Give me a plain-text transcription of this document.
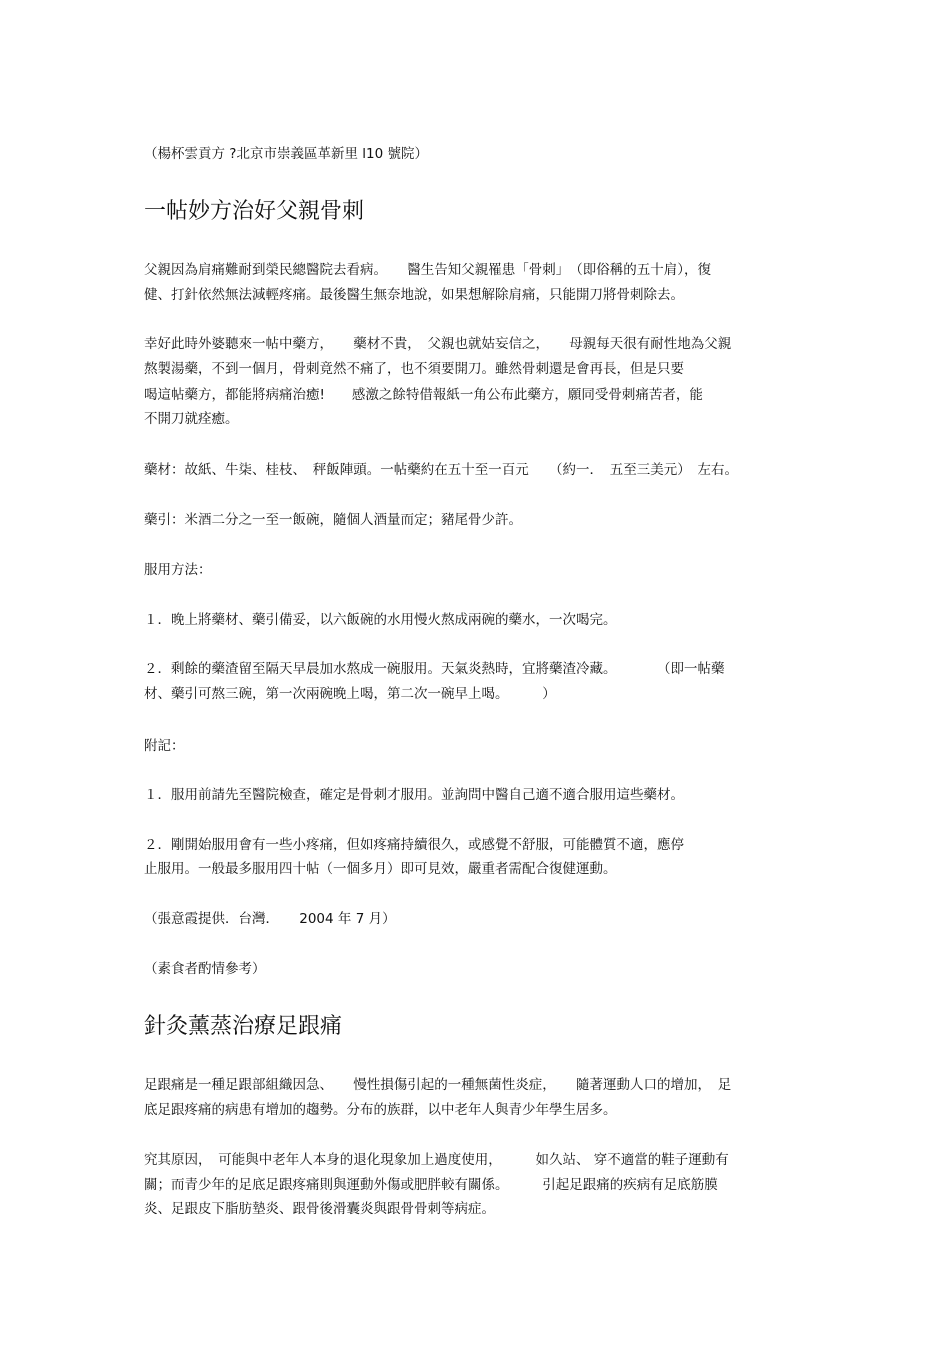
（楊杯雲貢方 ?北京市崇義區革新里 l10 號院）
一帖妙方治好父親骨刺
父親因為肩痛難耐到榮民總醫院去看病。　　醫生告知父親罹患「骨刺」　（即俗稱的五十肩），復
健、打針依然無法減輕疼痛。最後醫生無奈地說，如果想解除肩痛，只能開刀將骨刺除去。
幸好此時外婆聽來一帖中藥方，　　藥材不貴，　父親也就姑妄信之，　　母親每天很有耐性地為父親
熬製湯藥，不到一個月，骨刺竟然不痛了，也不須要開刀。雖然骨刺還是會再長，但是只要
喝這帖藥方，都能將病痛治癒!　　感激之餘特借報紙一角公布此藥方，願同受骨刺痛苦者，能
不開刀就痊癒。
藥材：故紙、牛柒、桂枝、　秤飯陣頭。一帖藥約在五十至一百元　　（約一．　五至三美元）　左右。
藥引：米酒二分之一至一飯碗，隨個人酒量而定；豬尾骨少許。
服用方法：
１．晚上將藥材、藥引備妥，以六飯碗的水用慢火熬成兩碗的藥水，一次喝完。
２．剩餘的藥渣留至隔天早晨加水熬成一碗服用。天氣炎熱時，宜將藥渣冷藏。　　　　（即一帖藥
材、藥引可熬三碗，第一次兩碗晚上喝，第二次一碗早上喝。　　　）
附記：
１．服用前請先至醫院檢查，確定是骨刺才服用。並詢問中醫自己適不適合服用這些藥材。
２．剛開始服用會有一些小疼痛，但如疼痛持續很久，或感覺不舒服，可能體質不適，應停
止服用。一般最多服用四十帖（一個多月）即可見效，嚴重者需配合復健運動。
（張意霞提供．台灣．　　2004 年 7 月）
（素食者酌情參考）
針灸薰蒸治療足跟痛
足跟痛是一種足跟部組織因急、　　慢性損傷引起的一種無菌性炎症，　　隨著運動人口的增加，　足
底足跟疼痛的病患有增加的趨勢。分布的族群，以中老年人與青少年學生居多。
究其原因，　可能與中老年人本身的退化現象加上過度使用，　　　如久站、 穿不適當的鞋子運動有
關；而青少年的足底足跟疼痛則與運動外傷或肥胖較有關係。　　　引起足跟痛的疾病有足底筋膜
炎、足跟皮下脂肪墊炎、跟骨後滑囊炎與跟骨骨刺等病症。
